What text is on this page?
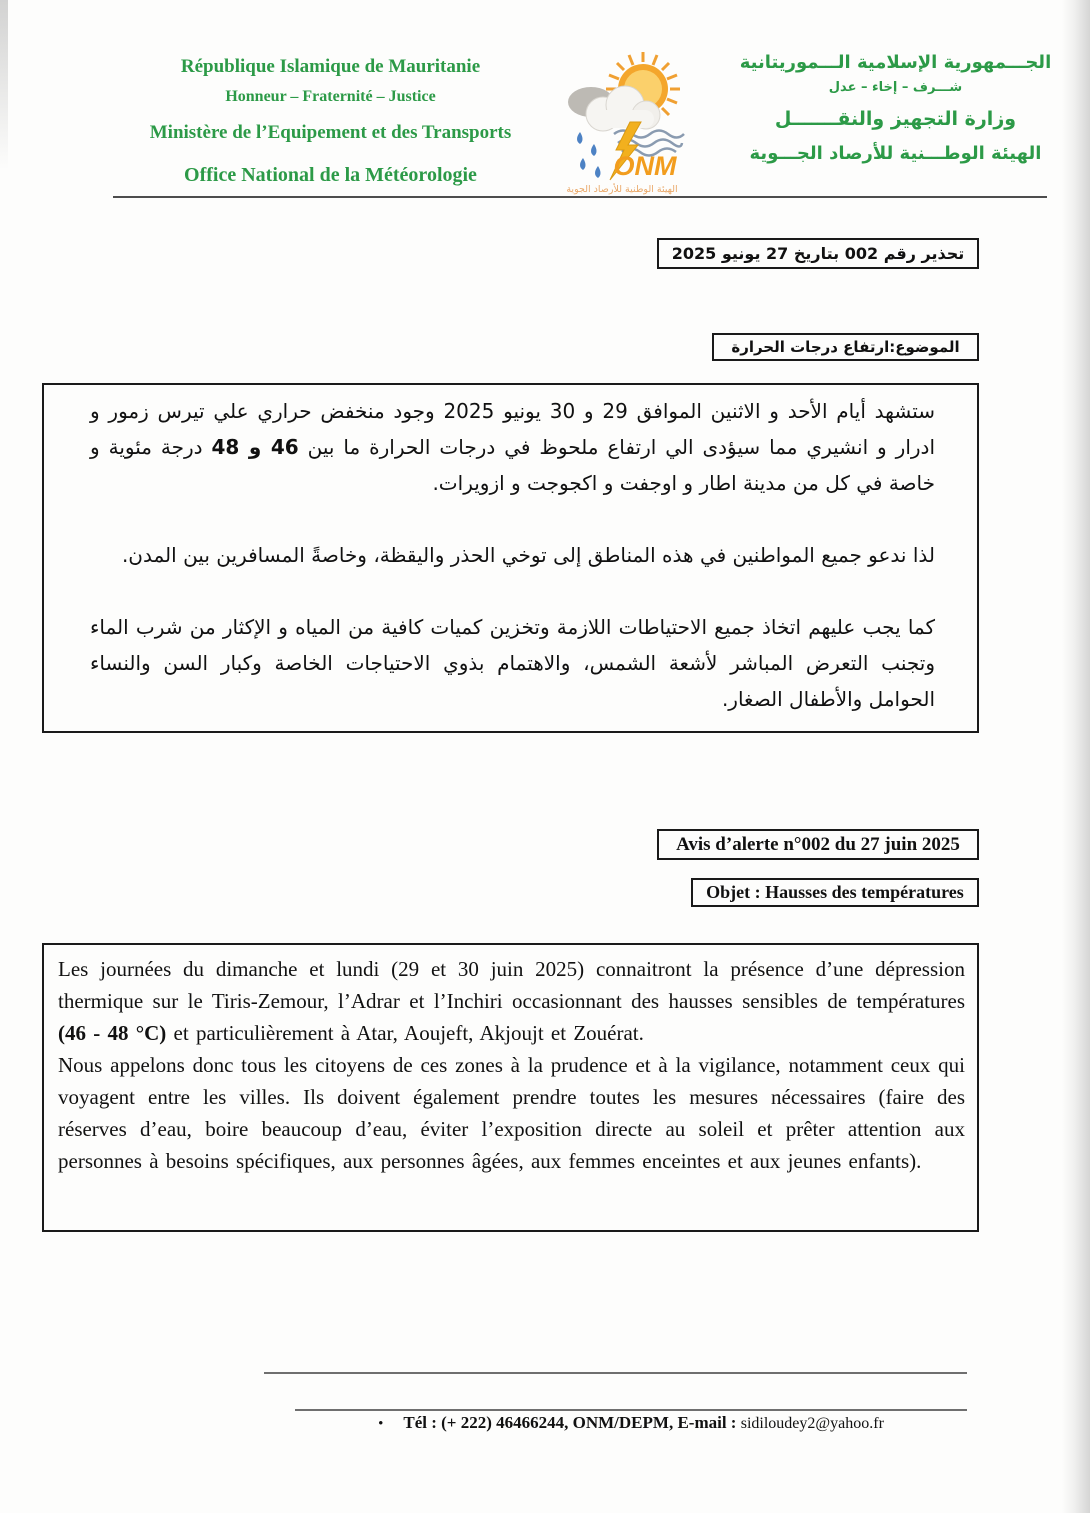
République Islamique de Mauritanie
Honneur – Fraternité – Justice
Ministère de l’Equipement et des Transports
Office National de la Météorologie	ONM
الهيئة الوطنية للأرصاد الجوية
الجـــمهورية الإسلامية الـــموريتانية
شـــرف – إخاء – عدل
وزارة التجهيز والنقـــــــل
الهيئة الوطـــنية للأرصاد الجـــوية
تحذير رقم 002 بتاريخ 27 يونيو 2025
الموضوع:ارتفاع درجات الحرارة

ستشهد أيام الأحد و الاثنين الموافق 29 و 30 يونيو 2025 وجود منخفض حراري علي تيرس زمور و ادرار و انشيري مما سيؤدى الي ارتفاع ملحوظ في درجات الحرارة ما بين 46 و 48 درجة مئوية و خاصة في كل من مدينة اطار و اوجفت و اكجوجت و ازويرات.

لذا ندعو جميع المواطنين في هذه المناطق إلى توخي الحذر واليقظة، وخاصةً المسافرين بين المدن.

كما يجب عليهم اتخاذ جميع الاحتياطات اللازمة وتخزين كميات كافية من المياه و الإكثار من شرب الماء وتجنب التعرض المباشر لأشعة الشمس، والاهتمام بذوي الاحتياجات الخاصة وكبار السن والنساء الحوامل والأطفال الصغار.

Avis d’alerte n°002 du 27 juin 2025
Objet : Hausses des températures

Les journées du dimanche et lundi (29 et 30 juin 2025) connaitront la présence d’une dépression thermique sur le Tiris-Zemour, l’Adrar et l’Inchiri occasionnant des hausses sensibles de températures (46 - 48 °C) et particulièrement à Atar, Aoujeft, Akjoujt et Zouérat.

Nous appelons donc tous les citoyens de ces zones à la prudence et à la vigilance, notamment ceux qui voyagent entre les villes. Ils doivent également prendre toutes les mesures nécessaires (faire des réserves d’eau, boire beaucoup d’eau, éviter l’exposition directe au soleil et prêter attention aux personnes à besoins spécifiques, aux personnes âgées, aux femmes enceintes et aux jeunes enfants).

• Tél : (+ 222) 46466244, ONM/DEPM, E-mail : sidiloudey2@yahoo.fr
